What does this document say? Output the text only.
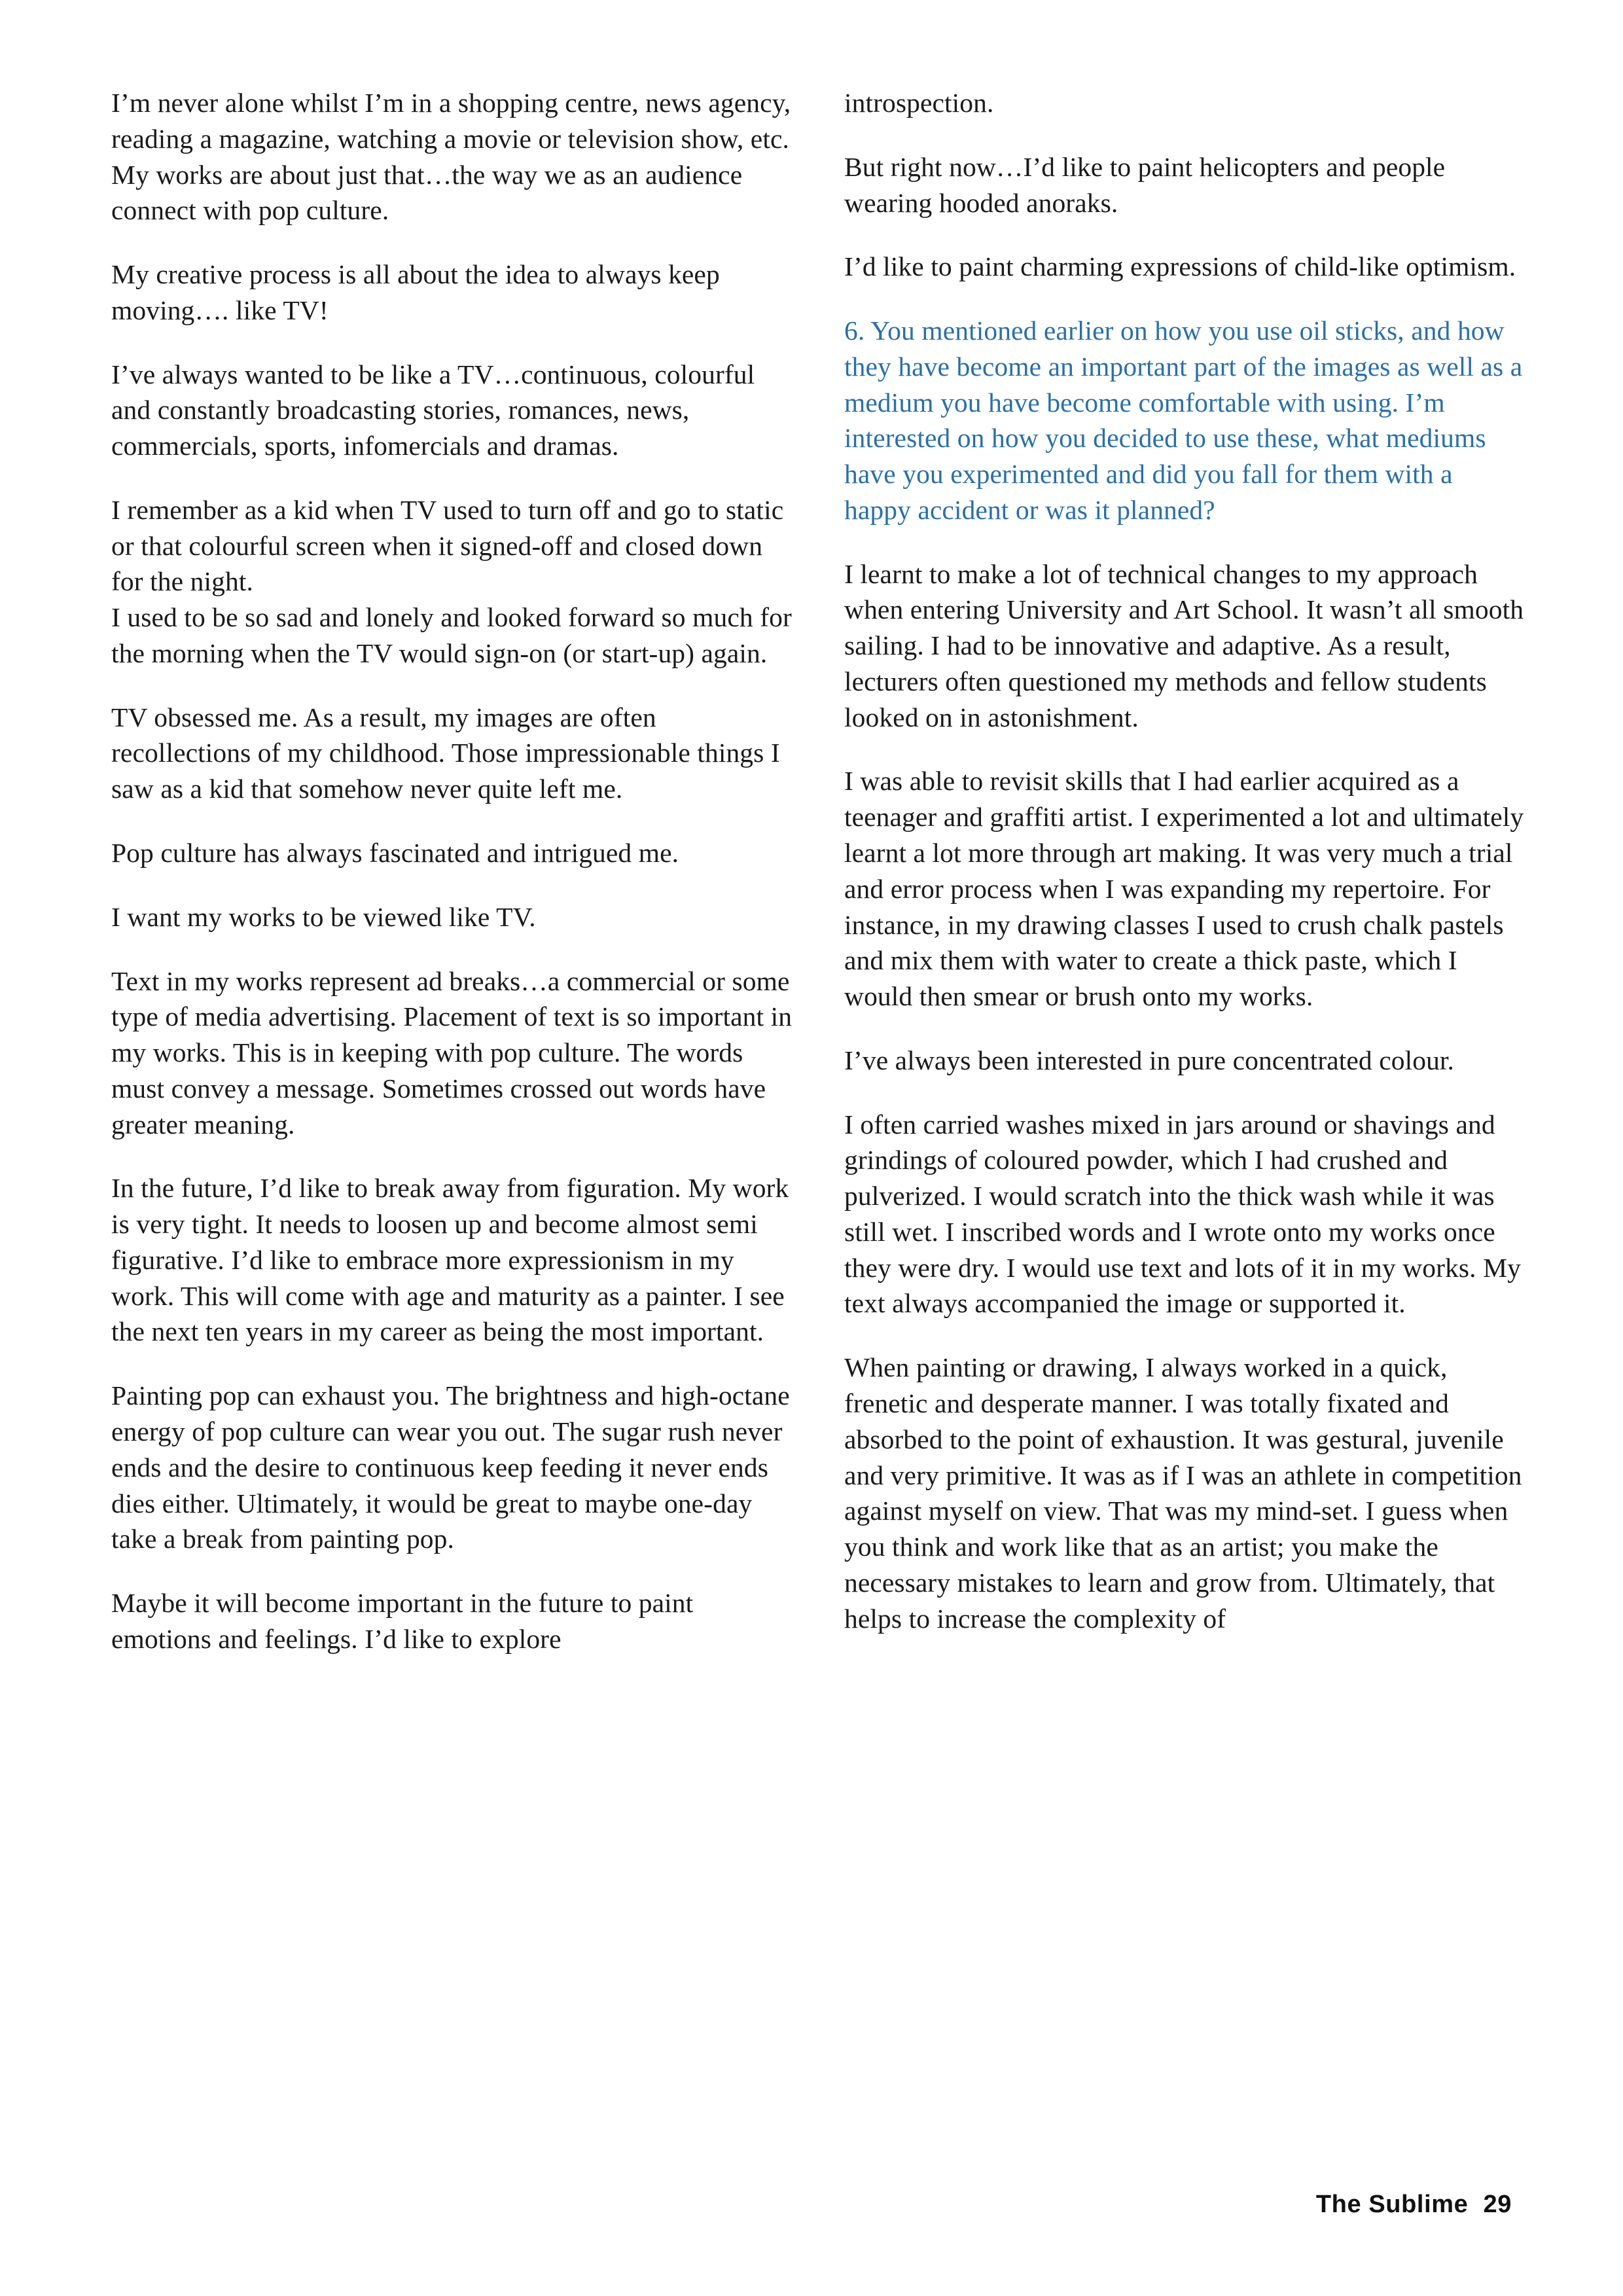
I’m never alone whilst I’m in a shopping centre, news agency, reading a magazine, watching a movie or television show, etc. My works are about just that…the way we as an audience connect with pop culture.

My creative process is all about the idea to always keep moving…. like TV!

I’ve always wanted to be like a TV…continuous, colourful and constantly broadcasting stories, romances, news, commercials, sports, infomercials and dramas.

I remember as a kid when TV used to turn off and go to static or that colourful screen when it signed-off and closed down for the night.

I used to be so sad and lonely and looked forward so much for the morning when the TV would sign-on (or start-up) again.

TV obsessed me. As a result, my images are often recollections of my childhood. Those impressionable things I saw as a kid that somehow never quite left me.

Pop culture has always fascinated and intrigued me.

I want my works to be viewed like TV.

Text in my works represent ad breaks…a commercial or some type of media advertising. Placement of text is so important in my works. This is in keeping with pop culture. The words must convey a message. Sometimes crossed out words have greater meaning.

In the future, I’d like to break away from figuration. My work is very tight. It needs to loosen up and become almost semi figurative. I’d like to embrace more expressionism in my work. This will come with age and maturity as a painter. I see the next ten years in my career as being the most important.

Painting pop can exhaust you. The brightness and high-octane energy of pop culture can wear you out. The sugar rush never ends and the desire to continuous keep feeding it never ends dies either. Ultimately, it would be great to maybe one-day take a break from painting pop.

Maybe it will become important in the future to paint emotions and feelings. I’d like to explore

introspection.

But right now…I’d like to paint helicopters and people wearing hooded anoraks.

I’d like to paint charming expressions of child-like optimism.

6. You mentioned earlier on how you use oil sticks, and how they have become an important part of the images as well as a medium you have become comfortable with using. I’m interested on how you decided to use these, what mediums have you experimented and did you fall for them with a happy accident or was it planned?

I learnt to make a lot of technical changes to my approach when entering University and Art School. It wasn’t all smooth sailing. I had to be innovative and adaptive. As a result, lecturers often questioned my methods and fellow students looked on in astonishment.

I was able to revisit skills that I had earlier acquired as a teenager and graffiti artist. I experimented a lot and ultimately learnt a lot more through art making. It was very much a trial and error process when I was expanding my repertoire. For instance, in my drawing classes I used to crush chalk pastels and mix them with water to create a thick paste, which I would then smear or brush onto my works.

I’ve always been interested in pure concentrated colour.

I often carried washes mixed in jars around or shavings and grindings of coloured powder, which I had crushed and pulverized. I would scratch into the thick wash while it was still wet. I inscribed words and I wrote onto my works once they were dry. I would use text and lots of it in my works. My text always accompanied the image or supported it.

When painting or drawing, I always worked in a quick, frenetic and desperate manner. I was totally fixated and absorbed to the point of exhaustion. It was gestural, juvenile and very primitive. It was as if I was an athlete in competition against myself on view. That was my mind-set. I guess when you think and work like that as an artist; you make the necessary mistakes to learn and grow from. Ultimately, that helps to increase the complexity of

The Sublime 29
